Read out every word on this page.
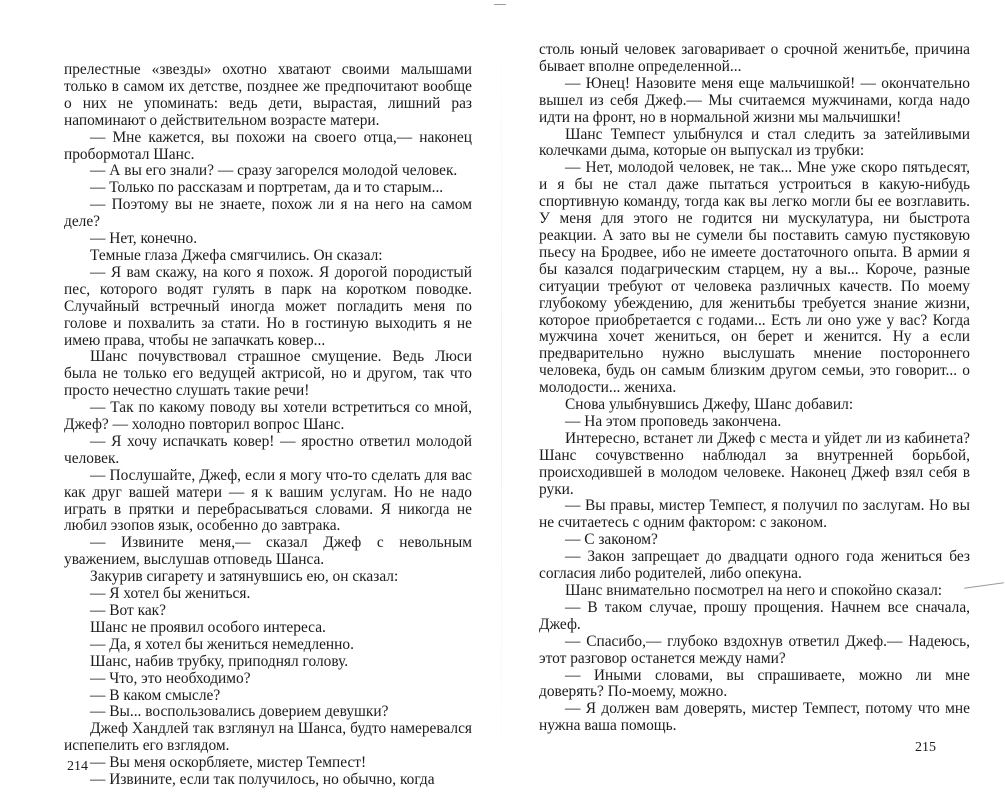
прелестные «звезды» охотно хватают своими малышами только в самом их детстве, позднее же предпочитают вообще о них не упоминать: ведь дети, вырастая, лишний раз напоминают о действительном возрасте матери.

— Мне кажется, вы похожи на своего отца,— наконец пробормотал Шанс.

— А вы его знали? — сразу загорелся молодой человек.

— Только по рассказам и портретам, да и то старым...

— Поэтому вы не знаете, похож ли я на него на самом деле?

— Нет, конечно.

Темные глаза Джефа смягчились. Он сказал:

— Я вам скажу, на кого я похож. Я дорогой породистый пес, которого водят гулять в парк на коротком поводке. Случайный встречный иногда может погладить меня по голове и похвалить за стати. Но в гостиную выходить я не имею права, чтобы не запачкать ковер...

Шанс почувствовал страшное смущение. Ведь Люси была не только его ведущей актрисой, но и другом, так что просто нечестно слушать такие речи!

— Так по какому поводу вы хотели встретиться со мной, Джеф? — холодно повторил вопрос Шанс.

— Я хочу испачкать ковер! — яростно ответил молодой человек.

— Послушайте, Джеф, если я могу что-то сделать для вас как друг вашей матери — я к вашим услугам. Но не надо играть в прятки и перебрасываться словами. Я никогда не любил эзопов язык, особенно до завтрака.

— Извините меня,— сказал Джеф с невольным уважением, выслушав отповедь Шанса.

Закурив сигарету и затянувшись ею, он сказал:

— Я хотел бы жениться.

— Вот как?

Шанс не проявил особого интереса.

— Да, я хотел бы жениться немедленно.

Шанс, набив трубку, приподнял голову.

— Что, это необходимо?

— В каком смысле?

— Вы... воспользовались доверием девушки?

Джеф Хандлей так взглянул на Шанса, будто намеревался испепелить его взглядом.

— Вы меня оскорбляете, мистер Темпест!

— Извините, если так получилось, но обычно, когда

214

столь юный человек заговаривает о срочной женитьбе, причина бывает вполне определенной...

— Юнец! Назовите меня еще мальчишкой! — окончательно вышел из себя Джеф.— Мы считаемся мужчинами, когда надо идти на фронт, но в нормальной жизни мы мальчишки!

Шанс Темпест улыбнулся и стал следить за затейливыми колечками дыма, которые он выпускал из трубки:

— Нет, молодой человек, не так... Мне уже скоро пятьдесят, и я бы не стал даже пытаться устроиться в какую-нибудь спортивную команду, тогда как вы легко могли бы ее возглавить. У меня для этого не годится ни мускулатура, ни быстрота реакции. А зато вы не сумели бы поставить самую пустяковую пьесу на Бродвее, ибо не имеете достаточного опыта. В армии я бы казался подагрическим старцем, ну а вы... Короче, разные ситуации требуют от человека различных качеств. По моему глубокому убеждению, для женитьбы требуется знание жизни, которое приобретается с годами... Есть ли оно уже у вас? Когда мужчина хочет жениться, он берет и женится. Ну а если предварительно нужно выслушать мнение постороннего человека, будь он самым близким другом семьи, это говорит... о молодости... жениха.

Снова улыбнувшись Джефу, Шанс добавил:

— На этом проповедь закончена.

Интересно, встанет ли Джеф с места и уйдет ли из кабинета? Шанс сочувственно наблюдал за внутренней борьбой, происходившей в молодом человеке. Наконец Джеф взял себя в руки.

— Вы правы, мистер Темпест, я получил по заслугам. Но вы не считаетесь с одним фактором: с законом.

— С законом?

— Закон запрещает до двадцати одного года жениться без согласия либо родителей, либо опекуна.

Шанс внимательно посмотрел на него и спокойно сказал:

— В таком случае, прошу прощения. Начнем все сначала, Джеф.

— Спасибо,— глубоко вздохнув ответил Джеф.— Надеюсь, этот разговор останется между нами?

— Иными словами, вы спрашиваете, можно ли мне доверять? По-моему, можно.

— Я должен вам доверять, мистер Темпест, потому что мне нужна ваша помощь.

215
